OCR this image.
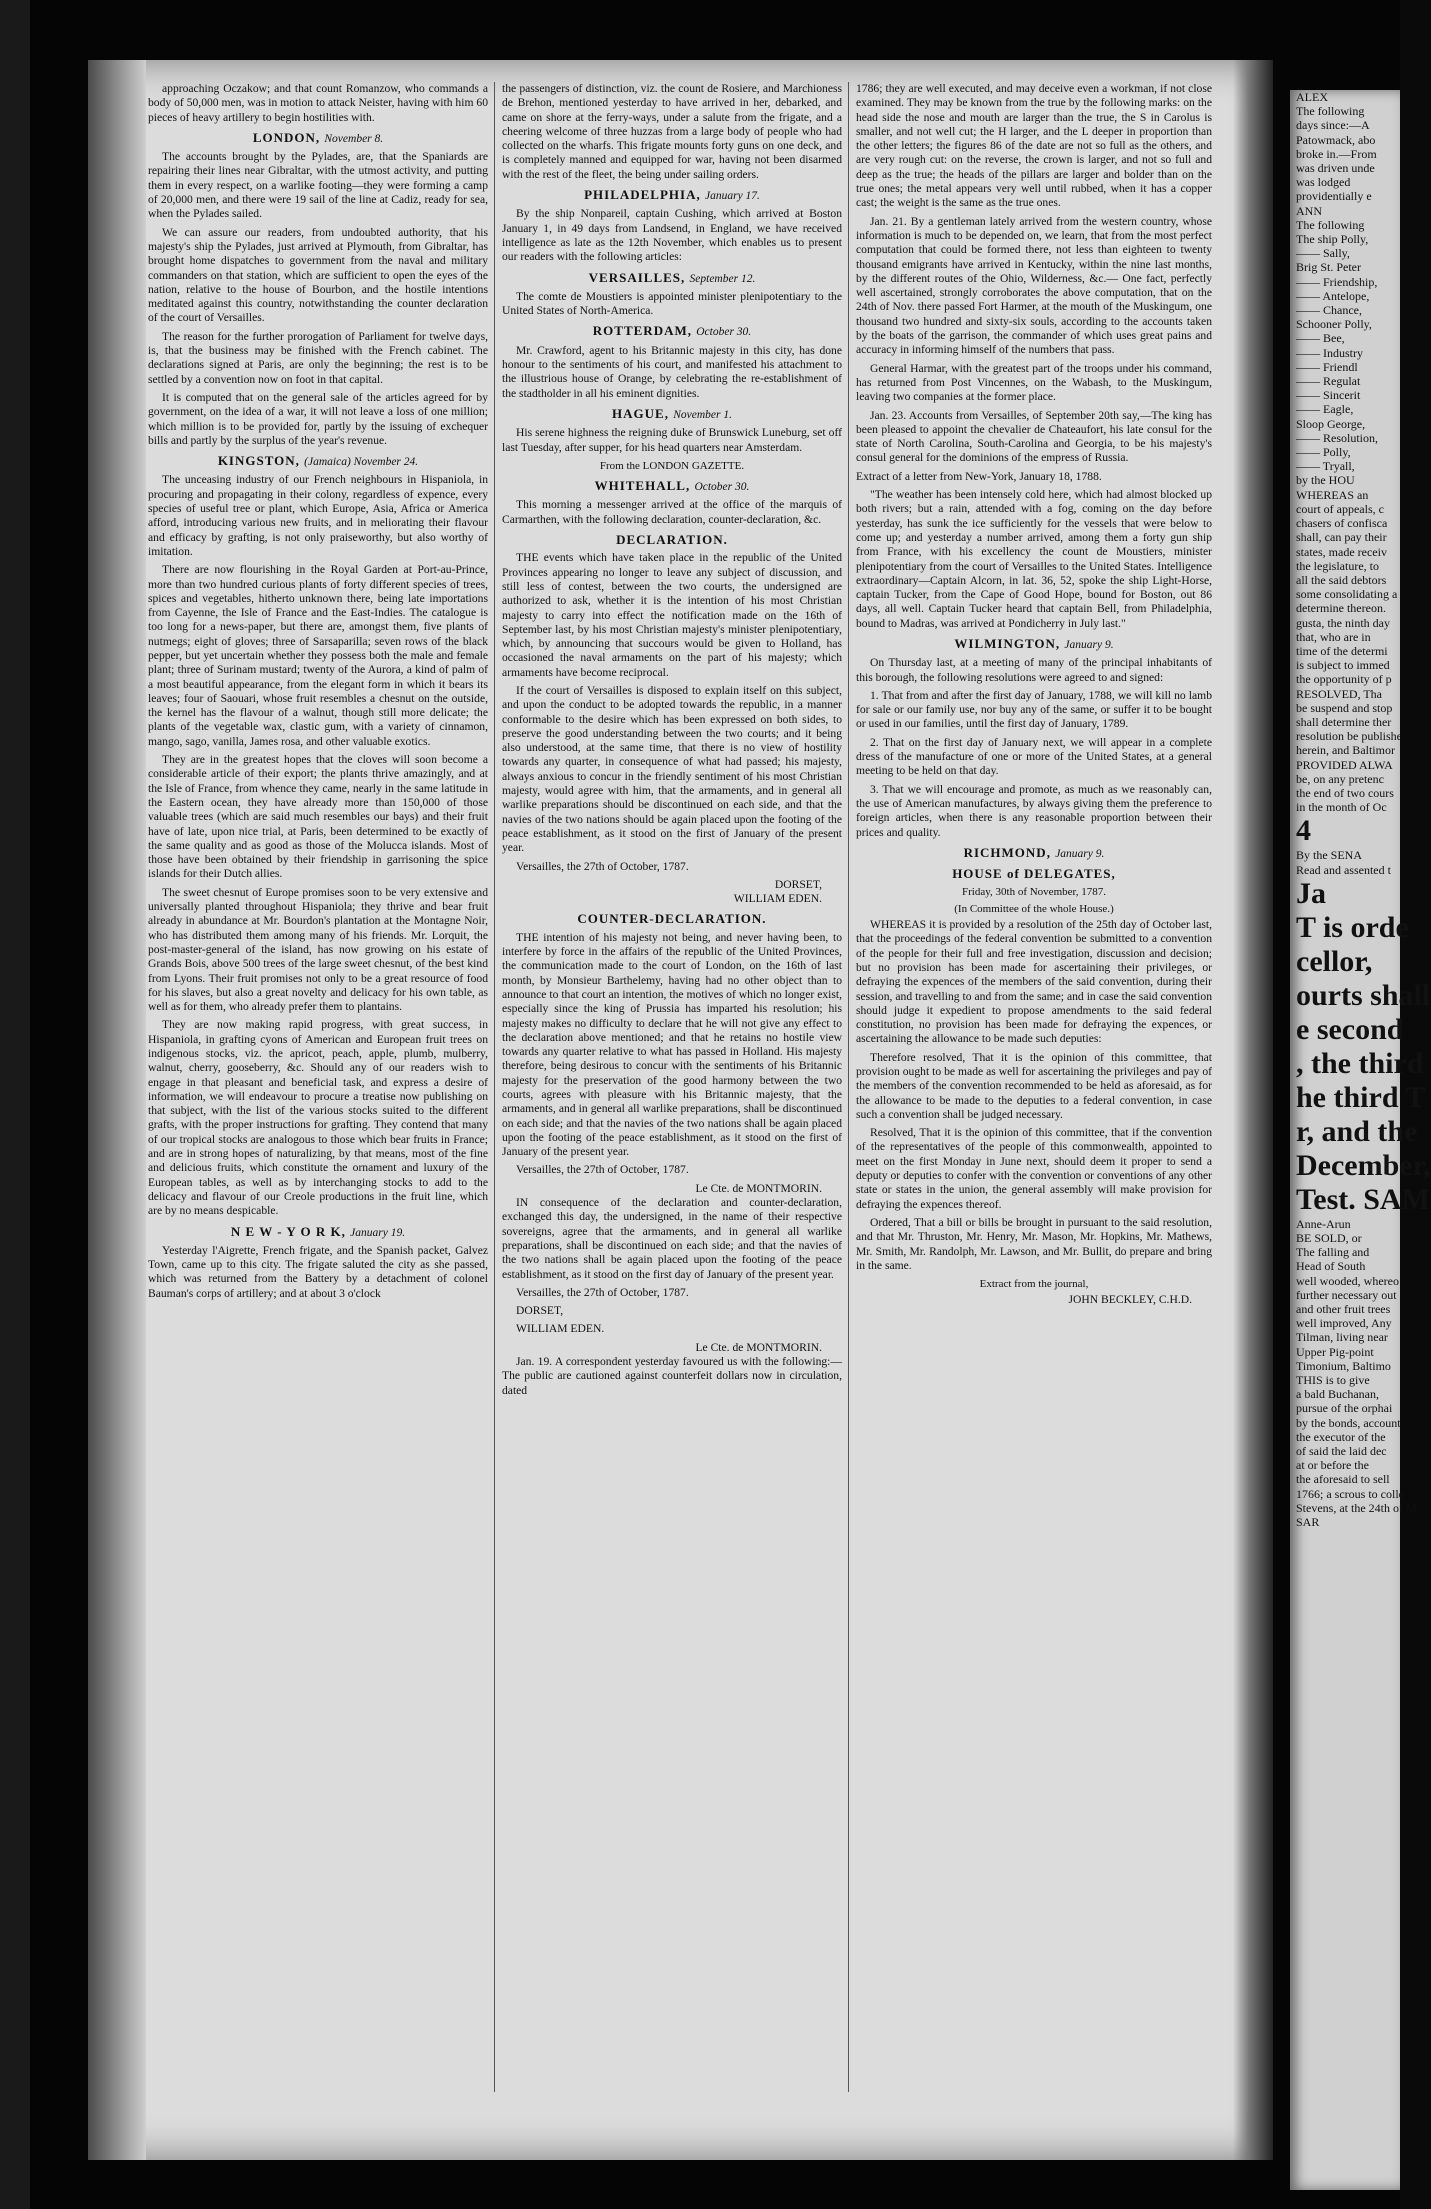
approaching Oczakow; and that count Romanzow, who commands a body of 50,000 men, was in motion to attack Neister, having with him 60 pieces of heavy artillery to begin hostilities with.

LONDON, November 8.

The accounts brought by the Pylades, are, that the Spaniards are repairing their lines near Gibraltar, with the utmost activity, and putting them in every respect, on a warlike footing—they were forming a camp of 20,000 men, and there were 19 sail of the line at Cadiz, ready for sea, when the Pylades sailed.

We can assure our readers, from undoubted authority, that his majesty's ship the Pylades, just arrived at Plymouth, from Gibraltar, has brought home dispatches to government from the naval and military commanders on that station, which are sufficient to open the eyes of the nation, relative to the house of Bourbon, and the hostile intentions meditated against this country, notwithstanding the counter declaration of the court of Versailles.

The reason for the further prorogation of Parliament for twelve days, is, that the business may be finished with the French cabinet. The declarations signed at Paris, are only the beginning; the rest is to be settled by a convention now on foot in that capital.

It is computed that on the general sale of the articles agreed for by government, on the idea of a war, it will not leave a loss of one million; which million is to be provided for, partly by the issuing of exchequer bills and partly by the surplus of the year's revenue.

KINGSTON, (Jamaica) November 24.

The unceasing industry of our French neighbours in Hispaniola, in procuring and propagating in their colony, regardless of expence, every species of useful tree or plant, which Europe, Asia, Africa or America afford, introducing various new fruits, and in meliorating their flavour and efficacy by grafting, is not only praiseworthy, but also worthy of imitation.

There are now flourishing in the Royal Garden at Port-au-Prince, more than two hundred curious plants of forty different species of trees, spices and vegetables, hitherto unknown there, being late importations from Cayenne, the Isle of France and the East-Indies. The catalogue is too long for a news-paper, but there are, amongst them, five plants of nutmegs; eight of gloves; three of Sarsaparilla; seven rows of the black pepper, but yet uncertain whether they possess both the male and female plant; three of Surinam mustard; twenty of the Aurora, a kind of palm of a most beautiful appearance, from the elegant form in which it bears its leaves; four of Saouari, whose fruit resembles a chesnut on the outside, the kernel has the flavour of a walnut, though still more delicate; the plants of the vegetable wax, clastic gum, with a variety of cinnamon, mango, sago, vanilla, James rosa, and other valuable exotics.

They are in the greatest hopes that the cloves will soon become a considerable article of their export; the plants thrive amazingly, and at the Isle of France, from whence they came, nearly in the same latitude in the Eastern ocean, they have already more than 150,000 of those valuable trees (which are said much resembles our bays) and their fruit have of late, upon nice trial, at Paris, been determined to be exactly of the same quality and as good as those of the Molucca islands. Most of those have been obtained by their friendship in garrisoning the spice islands for their Dutch allies.

The sweet chesnut of Europe promises soon to be very extensive and universally planted throughout Hispaniola; they thrive and bear fruit already in abundance at Mr. Bourdon's plantation at the Montagne Noir, who has distributed them among many of his friends. Mr. Lorquit, the post-master-general of the island, has now growing on his estate of Grands Bois, above 500 trees of the large sweet chesnut, of the best kind from Lyons. Their fruit promises not only to be a great resource of food for his slaves, but also a great novelty and delicacy for his own table, as well as for them, who already prefer them to plantains.

They are now making rapid progress, with great success, in Hispaniola, in grafting cyons of American and European fruit trees on indigenous stocks, viz. the apricot, peach, apple, plumb, mulberry, walnut, cherry, gooseberry, &c. Should any of our readers wish to engage in that pleasant and beneficial task, and express a desire of information, we will endeavour to procure a treatise now publishing on that subject, with the list of the various stocks suited to the different grafts, with the proper instructions for grafting. They contend that many of our tropical stocks are analogous to those which bear fruits in France; and are in strong hopes of naturalizing, by that means, most of the fine and delicious fruits, which constitute the ornament and luxury of the European tables, as well as by interchanging stocks to add to the delicacy and flavour of our Creole productions in the fruit line, which are by no means despicable.

N E W - Y O R K, January 19.

Yesterday l'Aigrette, French frigate, and the Spanish packet, Galvez Town, came up to this city. The frigate saluted the city as she passed, which was returned from the Battery by a detachment of colonel Bauman's corps of artillery; and at about 3 o'clock

the passengers of distinction, viz. the count de Rosiere, and Marchioness de Brehon, mentioned yesterday to have arrived in her, debarked, and came on shore at the ferry-ways, under a salute from the frigate, and a cheering welcome of three huzzas from a large body of people who had collected on the wharfs. This frigate mounts forty guns on one deck, and is completely manned and equipped for war, having not been disarmed with the rest of the fleet, the being under sailing orders.

PHILADELPHIA, January 17.

By the ship Nonpareil, captain Cushing, which arrived at Boston January 1, in 49 days from Landsend, in England, we have received intelligence as late as the 12th November, which enables us to present our readers with the following articles:

VERSAILLES, September 12.

The comte de Moustiers is appointed minister plenipotentiary to the United States of North-America.

ROTTERDAM, October 30.

Mr. Crawford, agent to his Britannic majesty in this city, has done honour to the sentiments of his court, and manifested his attachment to the illustrious house of Orange, by celebrating the re-establishment of the stadtholder in all his eminent dignities.

HAGUE, November 1.

His serene highness the reigning duke of Brunswick Luneburg, set off last Tuesday, after supper, for his head quarters near Amsterdam.

From the LONDON GAZETTE.

WHITEHALL, October 30.

This morning a messenger arrived at the office of the marquis of Carmarthen, with the following declaration, counter-declaration, &c.

DECLARATION.

THE events which have taken place in the republic of the United Provinces appearing no longer to leave any subject of discussion, and still less of contest, between the two courts, the undersigned are authorized to ask, whether it is the intention of his most Christian majesty to carry into effect the notification made on the 16th of September last, by his most Christian majesty's minister plenipotentiary, which, by announcing that succours would be given to Holland, has occasioned the naval armaments on the part of his majesty; which armaments have become reciprocal.

If the court of Versailles is disposed to explain itself on this subject, and upon the conduct to be adopted towards the republic, in a manner conformable to the desire which has been expressed on both sides, to preserve the good understanding between the two courts; and it being also understood, at the same time, that there is no view of hostility towards any quarter, in consequence of what had passed; his majesty, always anxious to concur in the friendly sentiment of his most Christian majesty, would agree with him, that the armaments, and in general all warlike preparations should be discontinued on each side, and that the navies of the two nations should be again placed upon the footing of the peace establishment, as it stood on the first of January of the present year.

Versailles, the 27th of October, 1787.

DORSET,

WILLIAM EDEN.

COUNTER-DECLARATION.

THE intention of his majesty not being, and never having been, to interfere by force in the affairs of the republic of the United Provinces, the communication made to the court of London, on the 16th of last month, by Monsieur Barthelemy, having had no other object than to announce to that court an intention, the motives of which no longer exist, especially since the king of Prussia has imparted his resolution; his majesty makes no difficulty to declare that he will not give any effect to the declaration above mentioned; and that he retains no hostile view towards any quarter relative to what has passed in Holland. His majesty therefore, being desirous to concur with the sentiments of his Britannic majesty for the preservation of the good harmony between the two courts, agrees with pleasure with his Britannic majesty, that the armaments, and in general all warlike preparations, shall be discontinued on each side; and that the navies of the two nations shall be again placed upon the footing of the peace establishment, as it stood on the first of January of the present year.

Versailles, the 27th of October, 1787.

Le Cte. de MONTMORIN.

IN consequence of the declaration and counter-declaration, exchanged this day, the undersigned, in the name of their respective sovereigns, agree that the armaments, and in general all warlike preparations, shall be discontinued on each side; and that the navies of the two nations shall be again placed upon the footing of the peace establishment, as it stood on the first day of January of the present year.

Versailles, the 27th of October, 1787.

DORSET,

WILLIAM EDEN.

Le Cte. de MONTMORIN.

Jan. 19. A correspondent yesterday favoured us with the following:—The public are cautioned against counterfeit dollars now in circulation, dated

1786; they are well executed, and may deceive even a workman, if not close examined. They may be known from the true by the following marks: on the head side the nose and mouth are larger than the true, the S in Carolus is smaller, and not well cut; the H larger, and the L deeper in proportion than the other letters; the figures 86 of the date are not so full as the others, and are very rough cut: on the reverse, the crown is larger, and not so full and deep as the true; the heads of the pillars are larger and bolder than on the true ones; the metal appears very well until rubbed, when it has a copper cast; the weight is the same as the true ones.

Jan. 21. By a gentleman lately arrived from the western country, whose information is much to be depended on, we learn, that from the most perfect computation that could be formed there, not less than eighteen to twenty thousand emigrants have arrived in Kentucky, within the nine last months, by the different routes of the Ohio, Wilderness, &c.— One fact, perfectly well ascertained, strongly corroborates the above computation, that on the 24th of Nov. there passed Fort Harmer, at the mouth of the Muskingum, one thousand two hundred and sixty-six souls, according to the accounts taken by the boats of the garrison, the commander of which uses great pains and accuracy in informing himself of the numbers that pass.

General Harmar, with the greatest part of the troops under his command, has returned from Post Vincennes, on the Wabash, to the Muskingum, leaving two companies at the former place.

Jan. 23. Accounts from Versailles, of September 20th say,—The king has been pleased to appoint the chevalier de Chateaufort, his late consul for the state of North Carolina, South-Carolina and Georgia, to be his majesty's consul general for the dominions of the empress of Russia.

Extract of a letter from New-York, January 18, 1788.

"The weather has been intensely cold here, which had almost blocked up both rivers; but a rain, attended with a fog, coming on the day before yesterday, has sunk the ice sufficiently for the vessels that were below to come up; and yesterday a number arrived, among them a forty gun ship from France, with his excellency the count de Moustiers, minister plenipotentiary from the court of Versailles to the United States. Intelligence extraordinary—Captain Alcorn, in lat. 36, 52, spoke the ship Light-Horse, captain Tucker, from the Cape of Good Hope, bound for Boston, out 86 days, all well. Captain Tucker heard that captain Bell, from Philadelphia, bound to Madras, was arrived at Pondicherry in July last."

WILMINGTON, January 9.

On Thursday last, at a meeting of many of the principal inhabitants of this borough, the following resolutions were agreed to and signed:

1. That from and after the first day of January, 1788, we will kill no lamb for sale or our family use, nor buy any of the same, or suffer it to be bought or used in our families, until the first day of January, 1789.

2. That on the first day of January next, we will appear in a complete dress of the manufacture of one or more of the United States, at a general meeting to be held on that day.

3. That we will encourage and promote, as much as we reasonably can, the use of American manufactures, by always giving them the preference to foreign articles, when there is any reasonable proportion between their prices and quality.

RICHMOND, January 9.

HOUSE of DELEGATES,

Friday, 30th of November, 1787.

(In Committee of the whole House.)

WHEREAS it is provided by a resolution of the 25th day of October last, that the proceedings of the federal convention be submitted to a convention of the people for their full and free investigation, discussion and decision; but no provision has been made for ascertaining their privileges, or defraying the expences of the members of the said convention, during their session, and travelling to and from the same; and in case the said convention should judge it expedient to propose amendments to the said federal constitution, no provision has been made for defraying the expences, or ascertaining the allowance to be made such deputies:

Therefore resolved, That it is the opinion of this committee, that provision ought to be made as well for ascertaining the privileges and pay of the members of the convention recommended to be held as aforesaid, as for the allowance to be made to the deputies to a federal convention, in case such a convention shall be judged necessary.

Resolved, That it is the opinion of this committee, that if the convention of the representatives of the people of this commonwealth, appointed to meet on the first Monday in June next, should deem it proper to send a deputy or deputies to confer with the convention or conventions of any other state or states in the union, the general assembly will make provision for defraying the expences thereof.

Ordered, That a bill or bills be brought in pursuant to the said resolution, and that Mr. Thruston, Mr. Henry, Mr. Mason, Mr. Hopkins, Mr. Mathews, Mr. Smith, Mr. Randolph, Mr. Lawson, and Mr. Bullit, do prepare and bring in the same.

Extract from the journal,

JOHN BECKLEY, C.H.D.

ALEX

The following

days since:—A

Patowmack, abo

broke in.—From

was driven unde

was lodged

providentially e

ANN

The following

The ship Polly,

—— Sally,

Brig St. Peter

—— Friendship,

—— Antelope,

—— Chance,

Schooner Polly,

—— Bee,

—— Industry

—— Friendl

—— Regulat

—— Sincerit

—— Eagle,

Sloop George,

—— Resolution,

—— Polly,

—— Tryall,

by the HOU

WHEREAS an

court of appeals, c

chasers of confisca

shall, can pay their

states, made receiv

the legislature, to

all the said debtors

some consolidating a

determine thereon.

gusta, the ninth day

that, who are in

time of the determi

is subject to immed

the opportunity of p

RESOLVED, Tha

be suspend and stop

shall determine ther

resolution be publishe

herein, and Baltimor

PROVIDED ALWA

be, on any pretenc

the end of two cours

in the month of Oc

4

By the SENA

Read and assented t

Ja

T is orde

cellor,

ourts shall

e second

, the third

he third T

r, and the

December,

Test. SAM

Anne-Arun

BE SOLD, or

The falling and

Head of South

well wooded, whereo

further necessary out

and other fruit trees

well improved, Any

Tilman, living near

Upper Pig-point

Timonium, Baltimo

THIS is to give

a bald Buchanan,

pursue of the orphai

by the bonds, account

the executor of the

of said the laid dec

at or before the

the aforesaid to sell

1766; a scrous to colle

Stevens, at the 24th of M

SAR
